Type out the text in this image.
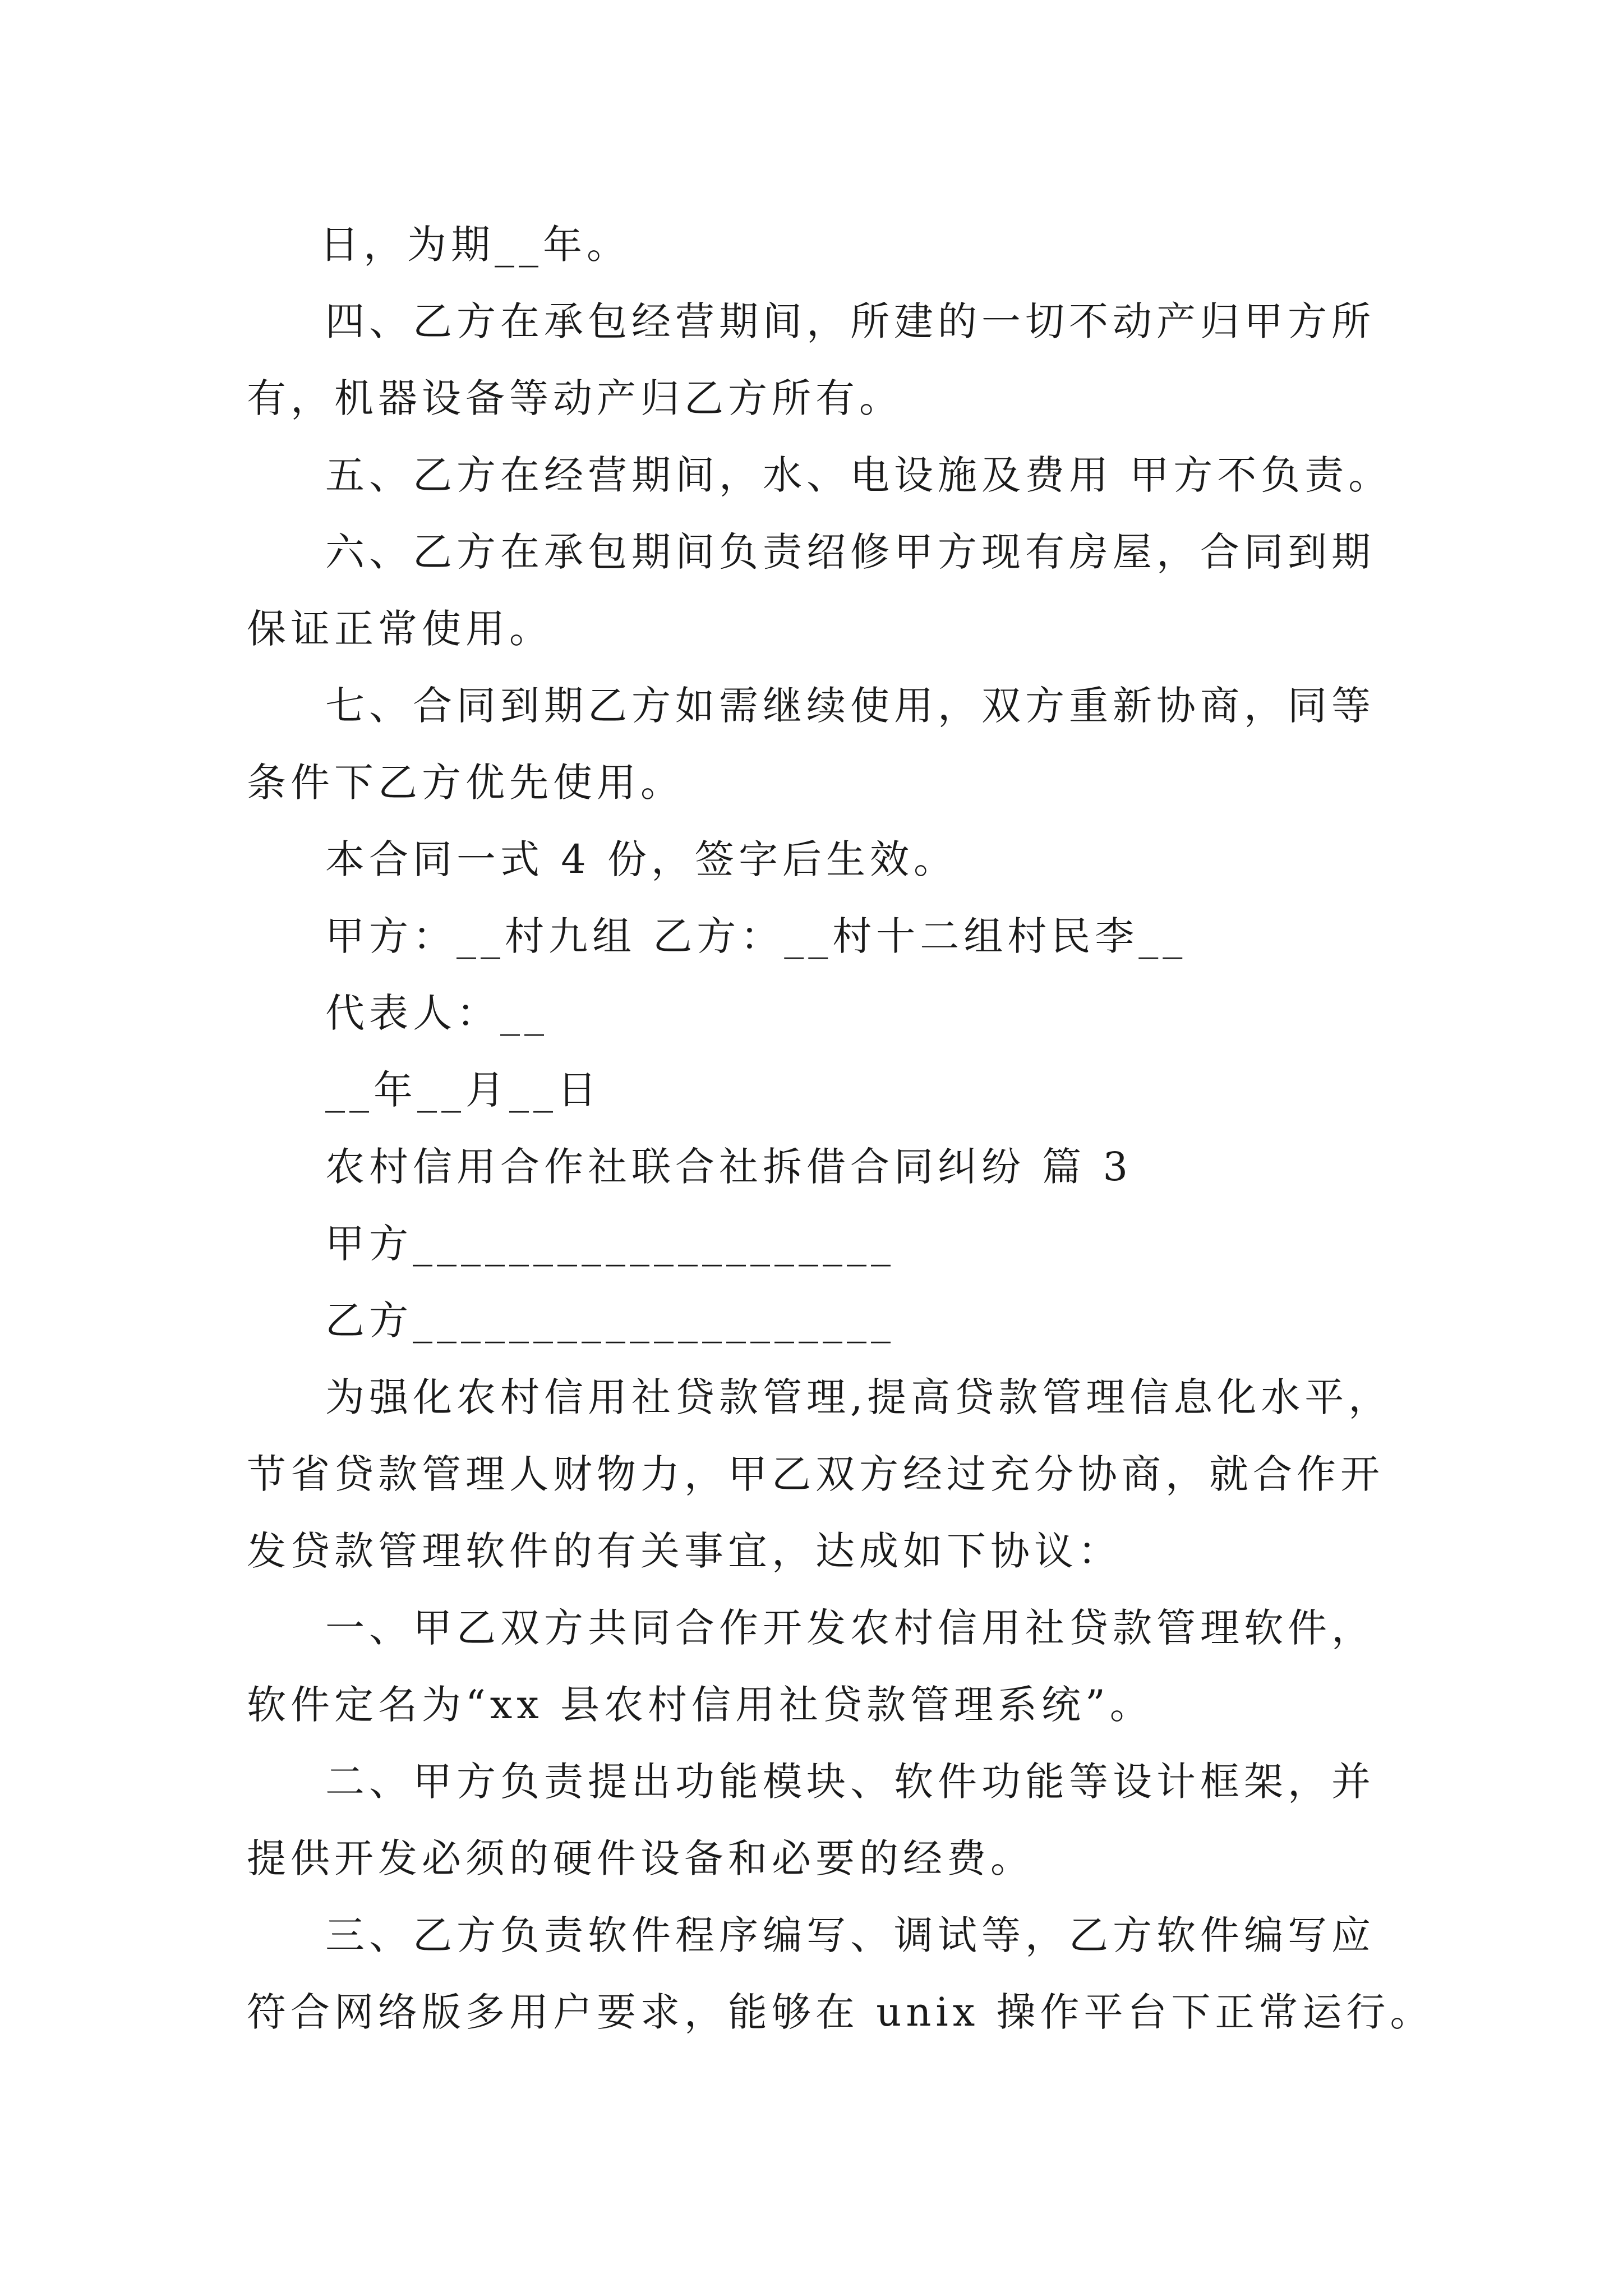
日，为期__年。
四、乙方在承包经营期间，所建的一切不动产归甲方所
有，机器设备等动产归乙方所有。
五、乙方在经营期间，水、电设施及费用 甲方不负责。
六、乙方在承包期间负责绍修甲方现有房屋，合同到期
保证正常使用。
七、合同到期乙方如需继续使用，双方重新协商，同等
条件下乙方优先使用。
本合同一式 4 份，签字后生效。
甲方：__村九组 乙方：__村十二组村民李__
代表人：__
__年__月__日
农村信用合作社联合社拆借合同纠纷 篇 3
甲方____________________
乙方____________________
为强化农村信用社贷款管理,提高贷款管理信息化水平，
节省贷款管理人财物力，甲乙双方经过充分协商，就合作开
发贷款管理软件的有关事宜，达成如下协议：
一、甲乙双方共同合作开发农村信用社贷款管理软件，
软件定名为“xx 县农村信用社贷款管理系统”。
二、甲方负责提出功能模块、软件功能等设计框架，并
提供开发必须的硬件设备和必要的经费。
三、乙方负责软件程序编写、调试等，乙方软件编写应
符合网络版多用户要求，能够在 unix 操作平台下正常运行。
